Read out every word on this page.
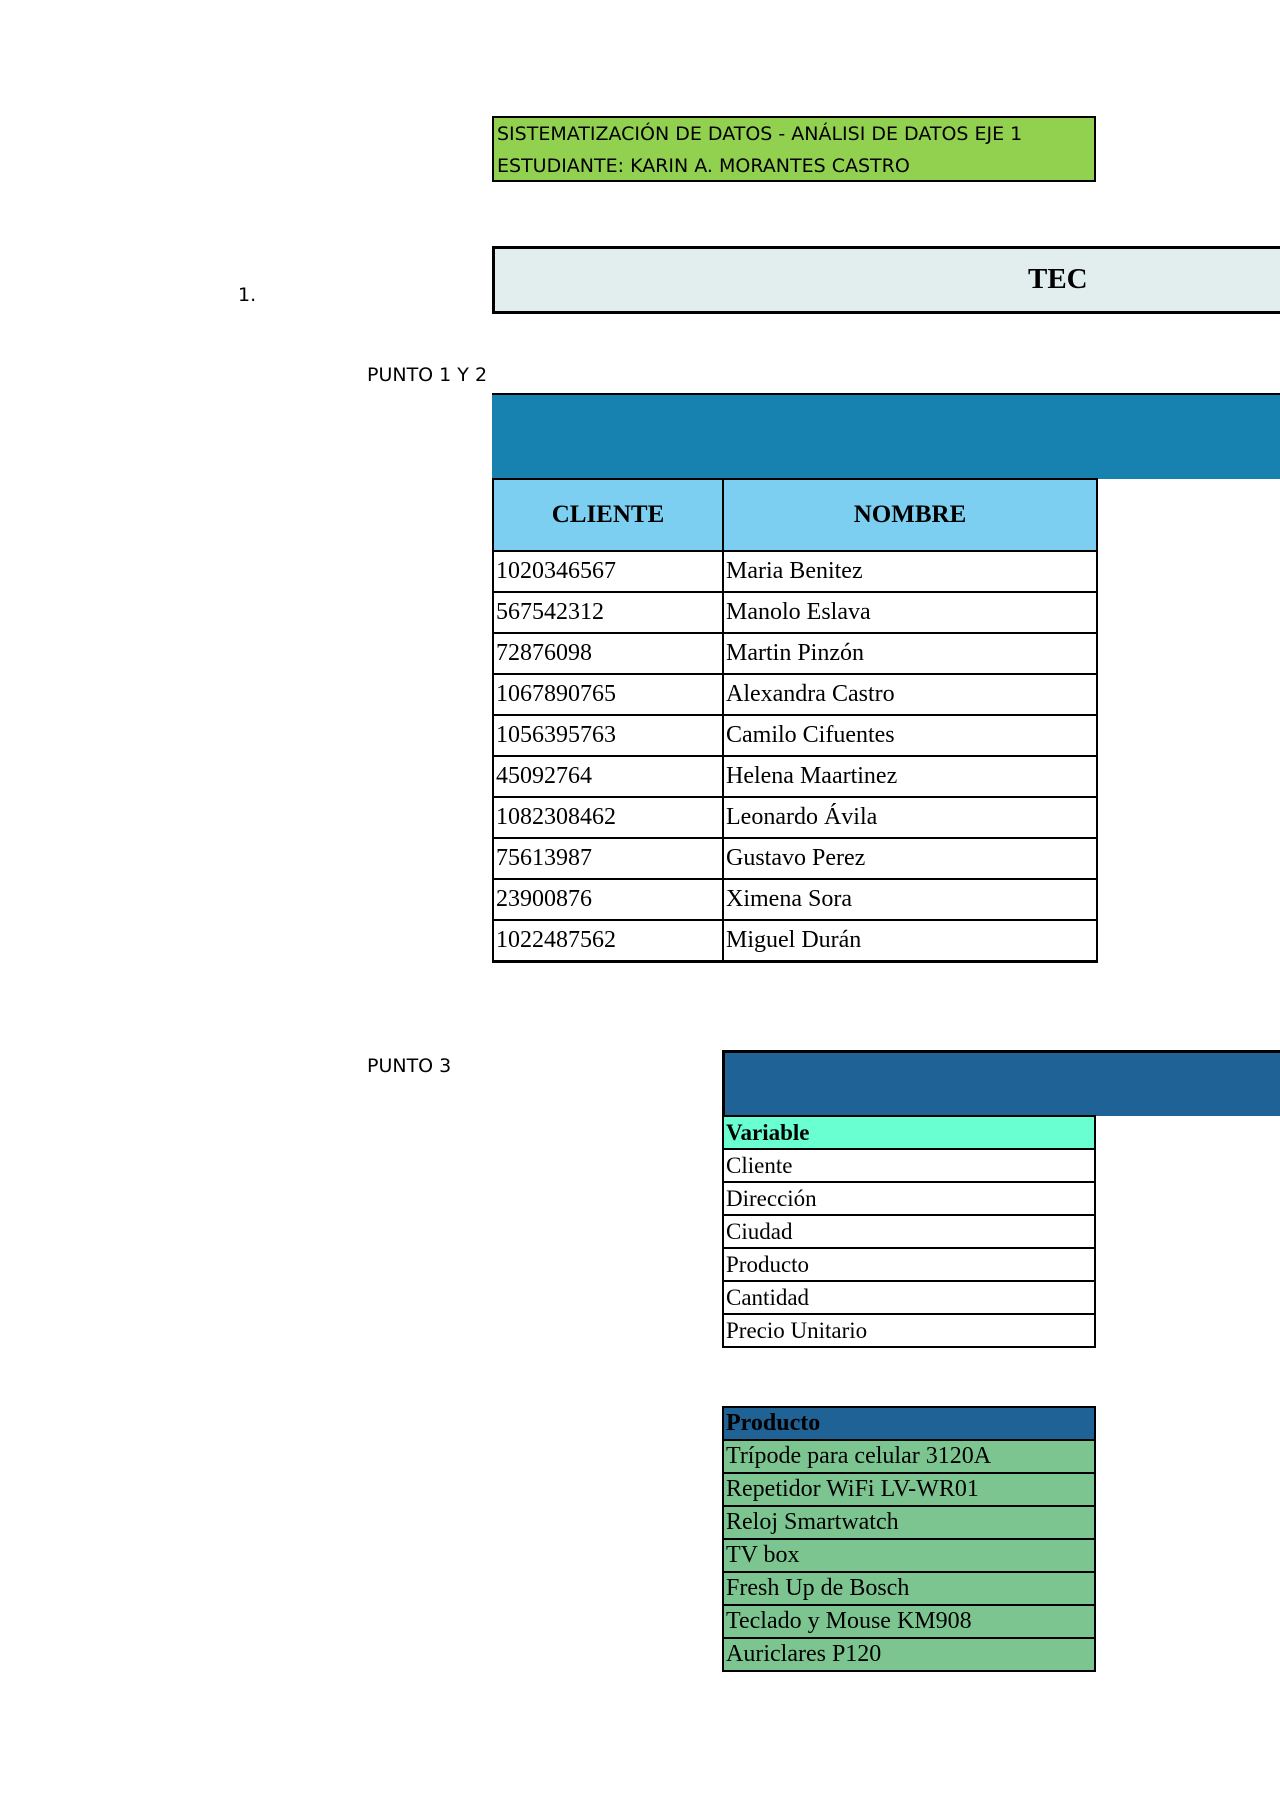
SISTEMATIZACIÓN DE DATOS - ANÁLISI DE DATOS EJE 1
ESTUDIANTE: KARIN A. MORANTES CASTRO
1.	TEC
PUNTO 1 Y 2
CLIENTE	NOMBRE
1020346567	Maria Benitez
567542312	Manolo Eslava
72876098	Martin Pinzón
1067890765	Alexandra Castro
1056395763	Camilo Cifuentes
45092764	Helena Maartinez
1082308462	Leonardo Ávila
75613987	Gustavo Perez
23900876	Ximena Sora
1022487562	Miguel Durán
PUNTO 3
Variable
Cliente
Dirección
Ciudad
Producto
Cantidad
Precio Unitario
Producto
Trípode para celular 3120A
Repetidor WiFi LV-WR01
Reloj Smartwatch
TV box
Fresh Up de Bosch
Teclado y Mouse KM908
Auriclares P120
